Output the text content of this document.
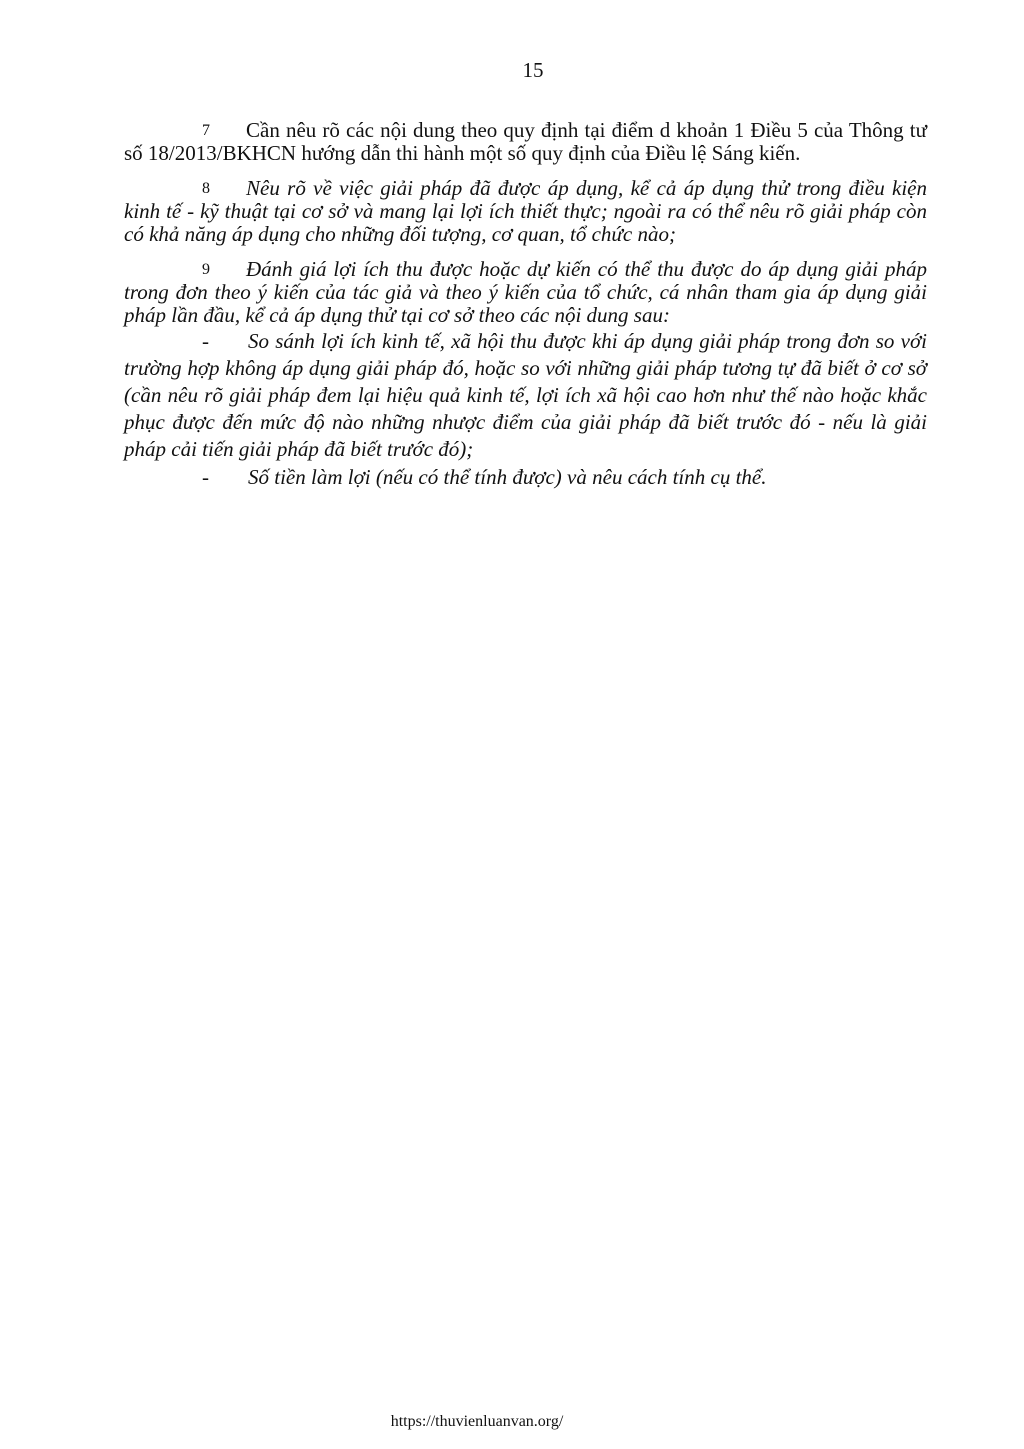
15

7 Cần nêu rõ các nội dung theo quy định tại điểm d khoản 1 Điều 5 của Thông tư số 18/2013/BKHCN hướng dẫn thi hành một số quy định của Điều lệ Sáng kiến.

8 Nêu rõ về việc giải pháp đã được áp dụng, kể cả áp dụng thử trong điều kiện kinh tế - kỹ thuật tại cơ sở và mang lại lợi ích thiết thực; ngoài ra có thể nêu rõ giải pháp còn có khả năng áp dụng cho những đối tượng, cơ quan, tổ chức nào;

9 Đánh giá lợi ích thu được hoặc dự kiến có thể thu được do áp dụng giải pháp trong đơn theo ý kiến của tác giả và theo ý kiến của tổ chức, cá nhân tham gia áp dụng giải pháp lần đầu, kể cả áp dụng thử tại cơ sở theo các nội dung sau:

- So sánh lợi ích kinh tế, xã hội thu được khi áp dụng giải pháp trong đơn so với trường hợp không áp dụng giải pháp đó, hoặc so với những giải pháp tương tự đã biết ở cơ sở (cần nêu rõ giải pháp đem lại hiệu quả kinh tế, lợi ích xã hội cao hơn như thế nào hoặc khắc phục được đến mức độ nào những nhược điểm của giải pháp đã biết trước đó - nếu là giải pháp cải tiến giải pháp đã biết trước đó);

- Số tiền làm lợi (nếu có thể tính được) và nêu cách tính cụ thể.

https://thuvienluanvan.org/
